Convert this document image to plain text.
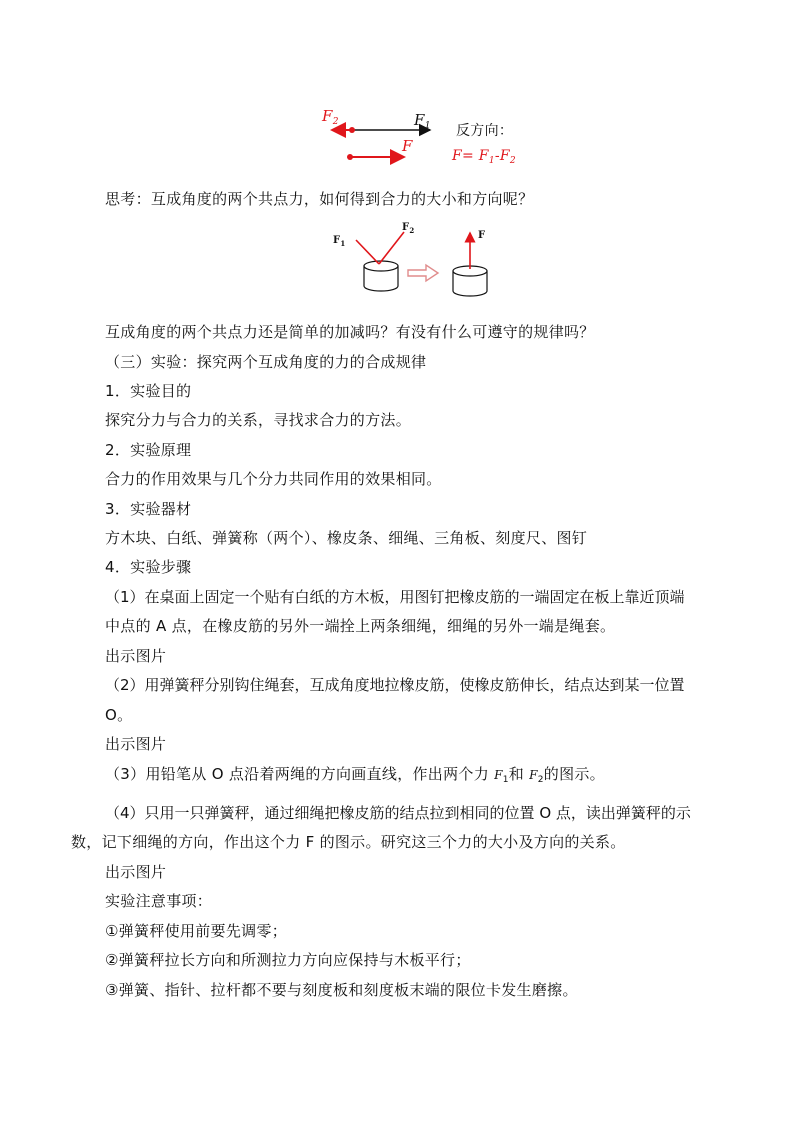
$F_2$	$F_1$
F
反方向：
$F= F_1-F_2$
思考：互成角度的两个共点力，如何得到合力的大小和方向呢？
$F_1$
$F_2$	F
互成角度的两个共点力还是简单的加减吗？有没有什么可遵守的规律吗？
（三）实验：探究两个互成角度的力的合成规律
1．实验目的
探究分力与合力的关系，寻找求合力的方法。
2．实验原理
合力的作用效果与几个分力共同作用的效果相同。
3．实验器材
方木块、白纸、弹簧称（两个）、橡皮条、细绳、三角板、刻度尺、图钉
4．实验步骤
（1）在桌面上固定一个贴有白纸的方木板，用图钉把橡皮筋的一端固定在板上靠近顶端
中点的 A 点，在橡皮筋的另外一端拴上两条细绳，细绳的另外一端是绳套。
出示图片
（2）用弹簧秤分别钩住绳套，互成角度地拉橡皮筋，使橡皮筋伸长，结点达到某一位置
O。
出示图片
（3）用铅笔从 O 点沿着两绳的方向画直线，作出两个力 $F_1$和 $F_2$的图示。
（4）只用一只弹簧秤，通过细绳把橡皮筋的结点拉到相同的位置 O 点，读出弹簧秤的示
数，记下细绳的方向，作出这个力 F 的图示。研究这三个力的大小及方向的关系。
出示图片
实验注意事项：
①弹簧秤使用前要先调零；
②弹簧秤拉长方向和所测拉力方向应保持与木板平行；
③弹簧、指针、拉杆都不要与刻度板和刻度板末端的限位卡发生磨擦。
